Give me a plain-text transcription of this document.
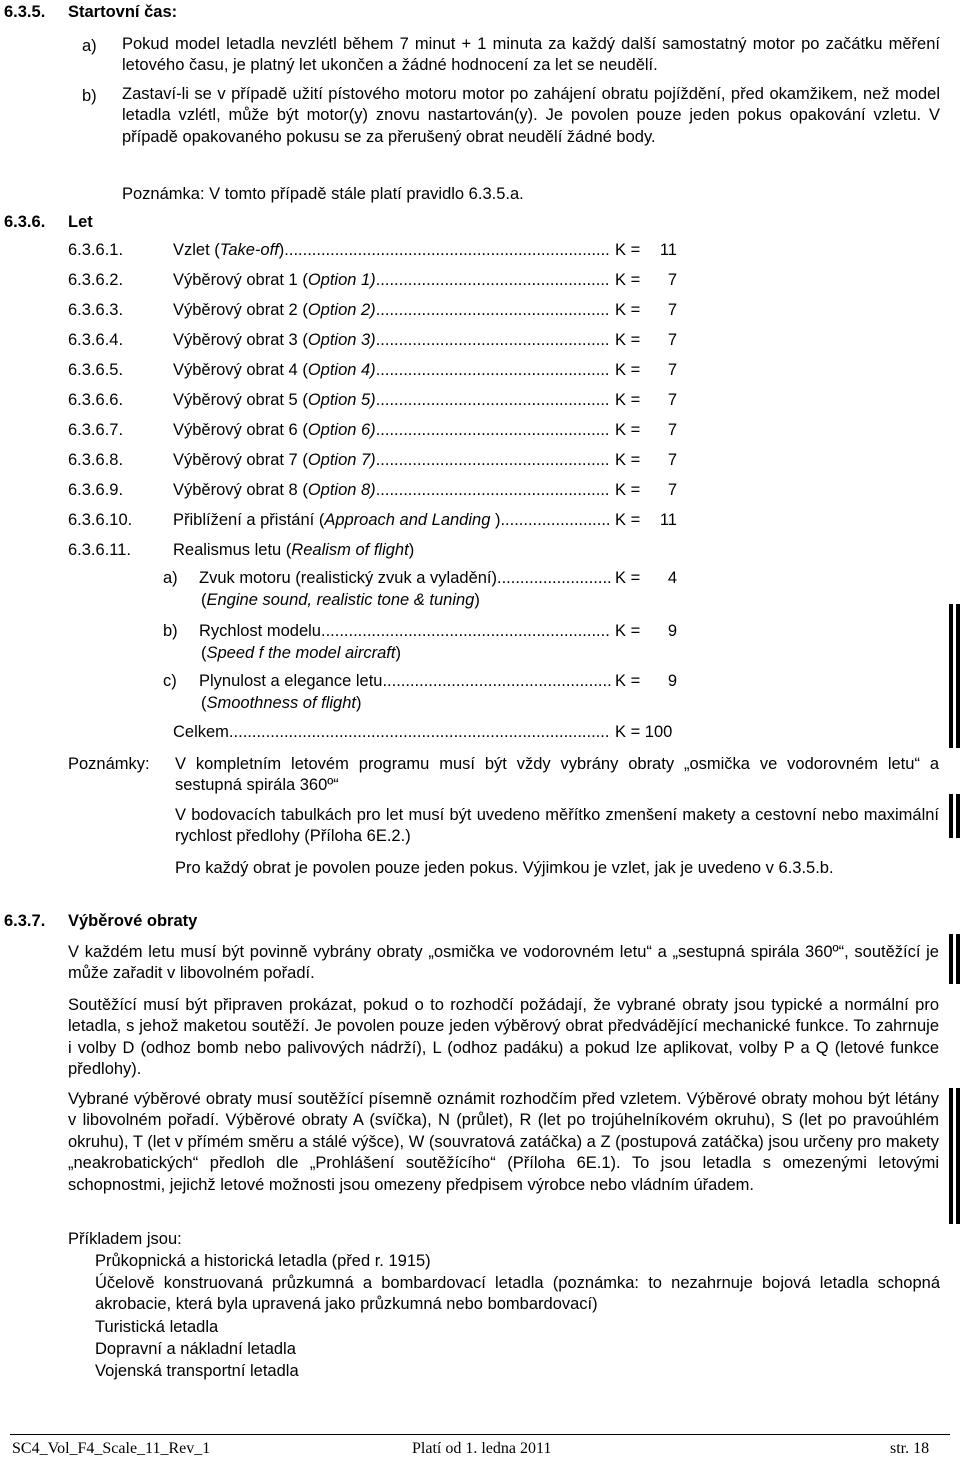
6.3.5. Startovní čas:
a) Pokud model letadla nevzlétl během 7 minut + 1 minuta za každý další samostatný motor po začátku měření letového času, je platný let ukončen a žádné hodnocení za let se neudělí.
b) Zastaví-li se v případě užití pístového motoru motor po zahájení obratu pojíždění, před okamžikem, než model letadla vzlétl, může být motor(y) znovu nastartován(y). Je povolen pouze jeden pokus opakování vzletu. V případě opakovaného pokusu se za přerušený obrat neudělí žádné body.
Poznámka: V tomto případě stále platí pravidlo 6.3.5.a.
6.3.6. Let
6.3.6.1.	Vzlet (Take-off) .....	K = 11
6.3.6.2.	Výběrový obrat 1 (Option 1) .....	K = 7
6.3.6.3.	Výběrový obrat 2 (Option 2) .....	K = 7
6.3.6.4.	Výběrový obrat 3 (Option 3) .....	K = 7
6.3.6.5.	Výběrový obrat 4 (Option 4) .....	K = 7
6.3.6.6.	Výběrový obrat 5 (Option 5) .....	K = 7
6.3.6.7.	Výběrový obrat 6 (Option 6) .....	K = 7
6.3.6.8.	Výběrový obrat 7 (Option 7) .....	K = 7
6.3.6.9.	Výběrový obrat 8 (Option 8) .....	K = 7
6.3.6.10. Přiblížení a přistání (Approach and Landing ) .....	K = 11
6.3.6.11.	Realismus letu (Realism of flight)
a) Zvuk motoru (realistický zvuk a vyladění) .....	K = 4
(Engine sound, realistic tone & tuning)
b) Rychlost modelu .....	K = 9
(Speed f the model aircraft)
c) Plynulost a elegance letu .....	K = 9
(Smoothness of flight)
Celkem .....	K = 100
Poznámky: V kompletním letovém programu musí být vždy vybrány obraty „osmička ve vodorovném letu“ a sestupná spirála 360º“
V bodovacích tabulkách pro let musí být uvedeno měřítko zmenšení makety a cestovní nebo maximální rychlost předlohy (Příloha 6E.2.)
Pro každý obrat je povolen pouze jeden pokus. Výjimkou je vzlet, jak je uvedeno v 6.3.5.b.
6.3.7. Výběrové obraty
V každém letu musí být povinně vybrány obraty „osmička ve vodorovném letu“ a „sestupná spirála 360º“, soutěžící je může zařadit v libovolném pořadí.
Soutěžící musí být připraven prokázat, pokud o to rozhodčí požádají, že vybrané obraty jsou typické a normální pro letadla, s jehož maketou soutěží. Je povolen pouze jeden výběrový obrat předvádějící mechanické funkce. To zahrnuje i volby D (odhoz bomb nebo palivových nádrží), L (odhoz padáku) a pokud lze aplikovat, volby P a Q (letové funkce předlohy).
Vybrané výběrové obraty musí soutěžící písemně oznámit rozhodčím před vzletem. Výběrové obraty mohou být létány v libovolném pořadí. Výběrové obraty A (svíčka), N (průlet), R (let po trojúhelníkovém okruhu), S (let po pravoúhlém okruhu), T (let v přímém směru a stálé výšce), W (souvratová zatáčka) a Z (postupová zatáčka) jsou určeny pro makety „neakrobatických“ předloh dle „Prohlášení soutěžícího“ (Příloha 6E.1). To jsou letadla s omezenými letovými schopnostmi, jejichž letové možnosti jsou omezeny předpisem výrobce nebo vládním úřadem.
Příkladem jsou:
Průkopnická a historická letadla (před r. 1915)
Účelově konstruovaná průzkumná a bombardovací letadla (poznámka: to nezahrnuje bojová letadla schopná akrobacie, která byla upravená jako průzkumná nebo bombardovací)
Turistická letadla
Dopravní a nákladní letadla
Vojenská transportní letadla
SC4_Vol_F4_Scale_11_Rev_1	Platí od 1. ledna 2011	str. 18
